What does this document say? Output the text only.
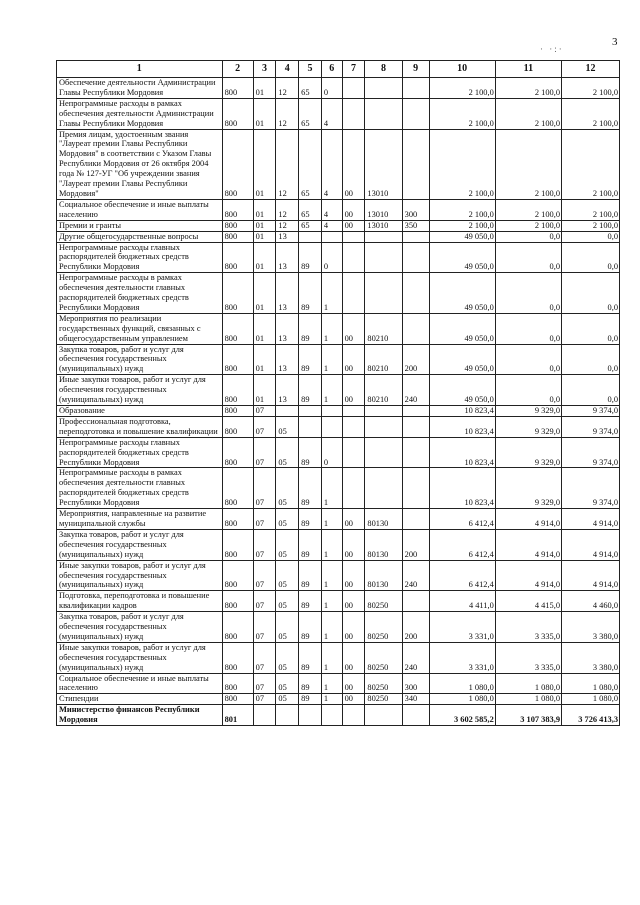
3
· ·:·
1	2	3	4	5	6	7	8	9	10	11	12
Обеспечение деятельности Администрации Главы Республики Мордовия	800	01	12	65	0				2 100,0	2 100,0	2 100,0
Непрограммные расходы в рамках обеспечения деятельности Администрации Главы Республики Мордовия	800	01	12	65	4				2 100,0	2 100,0	2 100,0
Премия лицам, удостоенным звания "Лауреат премии Главы Республики Мордовия" в соответствии с Указом Главы Республики Мордовия от 26 октября 2004 года № 127-УГ "Об учреждении звания "Лауреат премии Главы Республики Мордовия"	800	01	12	65	4	00	13010		2 100,0	2 100,0	2 100,0
Социальное обеспечение и иные выплаты населению	800	01	12	65	4	00	13010	300	2 100,0	2 100,0	2 100,0
Премии и гранты	800	01	12	65	4	00	13010	350	2 100,0	2 100,0	2 100,0
Другие общегосударственные вопросы	800	01	13						49 050,0	0,0	0,0
Непрограммные расходы главных распорядителей бюджетных средств Республики Мордовия	800	01	13	89	0				49 050,0	0,0	0,0
Непрограммные расходы в рамках обеспечения деятельности главных распорядителей бюджетных средств Республики Мордовия	800	01	13	89	1				49 050,0	0,0	0,0
Мероприятия по реализации государственных функций, связанных с общегосударственным управлением	800	01	13	89	1	00	80210		49 050,0	0,0	0,0
Закупка товаров, работ и услуг для обеспечения государственных (муниципальных) нужд	800	01	13	89	1	00	80210	200	49 050,0	0,0	0,0
Иные закупки товаров, работ и услуг для обеспечения государственных (муниципальных) нужд	800	01	13	89	1	00	80210	240	49 050,0	0,0	0,0
Образование	800	07							10 823,4	9 329,0	9 374,0
Профессиональная подготовка, переподготовка и повышение квалификации	800	07	05						10 823,4	9 329,0	9 374,0
Непрограммные расходы главных распорядителей бюджетных средств Республики Мордовия	800	07	05	89	0				10 823,4	9 329,0	9 374,0
Непрограммные расходы в рамках обеспечения деятельности главных распорядителей бюджетных средств Республики Мордовия	800	07	05	89	1				10 823,4	9 329,0	9 374,0
Мероприятия, направленные на развитие муниципальной службы	800	07	05	89	1	00	80130		6 412,4	4 914,0	4 914,0
Закупка товаров, работ и услуг для обеспечения государственных (муниципальных) нужд	800	07	05	89	1	00	80130	200	6 412,4	4 914,0	4 914,0
Иные закупки товаров, работ и услуг для обеспечения государственных (муниципальных) нужд	800	07	05	89	1	00	80130	240	6 412,4	4 914,0	4 914,0
Подготовка, переподготовка и повышение квалификации кадров	800	07	05	89	1	00	80250		4 411,0	4 415,0	4 460,0
Закупка товаров, работ и услуг для обеспечения государственных (муниципальных) нужд	800	07	05	89	1	00	80250	200	3 331,0	3 335,0	3 380,0
Иные закупки товаров, работ и услуг для обеспечения государственных (муниципальных) нужд	800	07	05	89	1	00	80250	240	3 331,0	3 335,0	3 380,0
Социальное обеспечение и иные выплаты населению	800	07	05	89	1	00	80250	300	1 080,0	1 080,0	1 080,0
Стипендии	800	07	05	89	1	00	80250	340	1 080,0	1 080,0	1 080,0
Министерство финансов Республики Мордовия	801								3 602 585,2	3 107 383,9	3 726 413,3
